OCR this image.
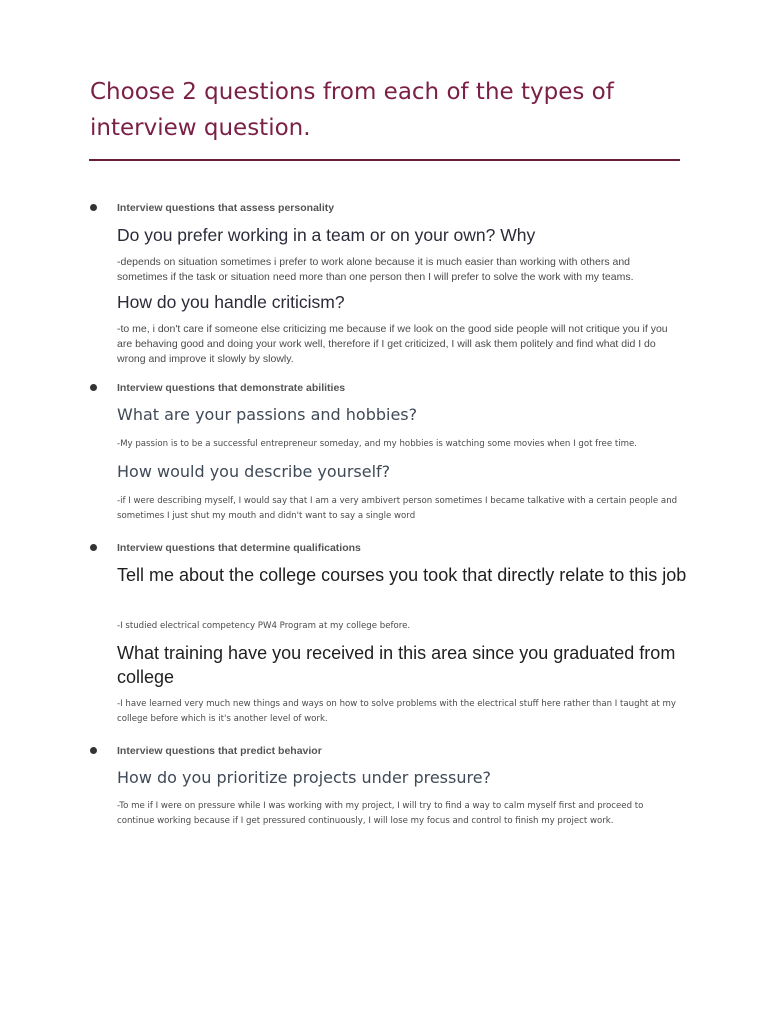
Choose 2 questions from each of the types of interview question.
Interview questions that assess personality
Do you prefer working in a team or on your own? Why

-depends on situation sometimes i prefer to work alone because it is much easier than working with others and sometimes if the task or situation need more than one person then I will prefer to solve the work with my teams.

How do you handle criticism?

-to me, i don't care if someone else criticizing me because if we look on the good side people will not critique you if you are behaving good and doing your work well, therefore if I get criticized, I will ask them politely and find what did I do wrong and improve it slowly by slowly.

Interview questions that demonstrate abilities
What are your passions and hobbies?

-My passion is to be a successful entrepreneur someday, and my hobbies is watching some movies when I got free time.

How would you describe yourself?

-if I were describing myself, I would say that I am a very ambivert person sometimes I became talkative with a certain people and sometimes I just shut my mouth and didn't want to say a single word

Interview questions that determine qualifications
Tell me about the college courses you took that directly relate to this job

-I studied electrical competency PW4 Program at my college before.

What training have you received in this area since you graduated from college

-I have learned very much new things and ways on how to solve problems with the electrical stuff here rather than I taught at my college before which is it's another level of work.

Interview questions that predict behavior
How do you prioritize projects under pressure?

-To me if I were on pressure while I was working with my project, I will try to find a way to calm myself first and proceed to continue working because if I get pressured continuously, I will lose my focus and control to finish my project work.
